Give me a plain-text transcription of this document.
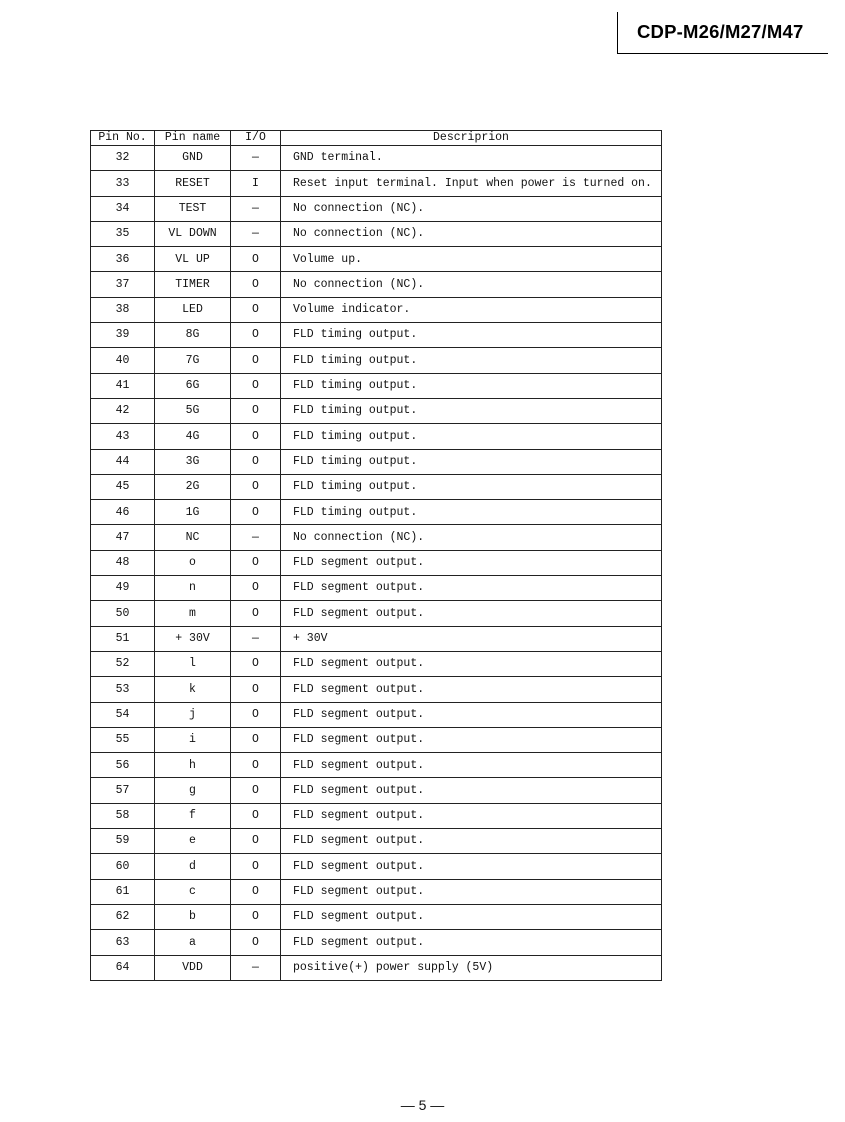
CDP-M26/M27/M47
Pin No.	Pin name	I/O	Descriprion
32	GND	—	GND terminal.
33	RESET	I	Reset input terminal. Input when power is turned on.
34	TEST	—	No connection (NC).
35	VL DOWN	—	No connection (NC).
36	VL UP	O	Volume up.
37	TIMER	O	No connection (NC).
38	LED	O	Volume indicator.
39	8G	O	FLD timing output.
40	7G	O	FLD timing output.
41	6G	O	FLD timing output.
42	5G	O	FLD timing output.
43	4G	O	FLD timing output.
44	3G	O	FLD timing output.
45	2G	O	FLD timing output.
46	1G	O	FLD timing output.
47	NC	—	No connection (NC).
48	o	O	FLD segment output.
49	n	O	FLD segment output.
50	m	O	FLD segment output.
51	+ 30V	—	+ 30V
52	l	O	FLD segment output.
53	k	O	FLD segment output.
54	j	O	FLD segment output.
55	i	O	FLD segment output.
56	h	O	FLD segment output.
57	g	O	FLD segment output.
58	f	O	FLD segment output.
59	e	O	FLD segment output.
60	d	O	FLD segment output.
61	c	O	FLD segment output.
62	b	O	FLD segment output.
63	a	O	FLD segment output.
64	VDD	—	positive(+) power supply (5V)
— 5 —
